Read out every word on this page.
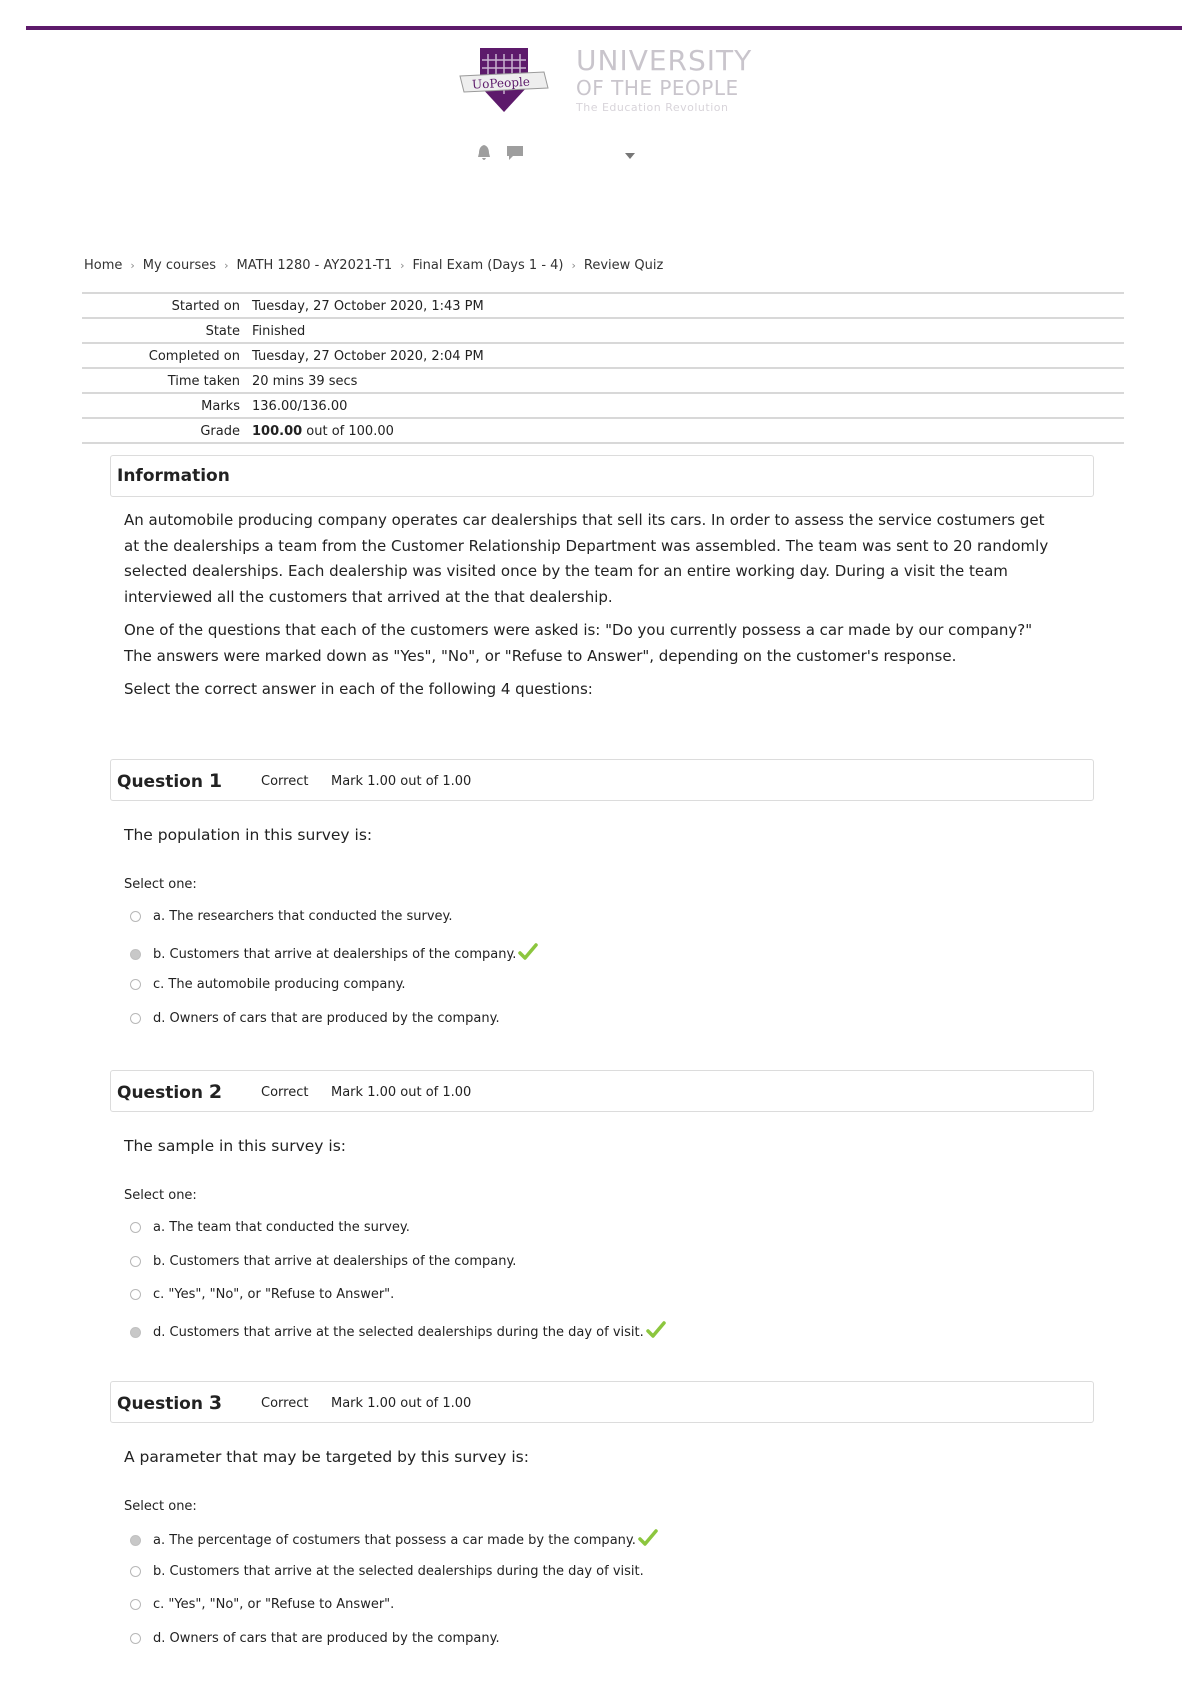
UoPeople
UNIVERSITY
OF THE PEOPLE
The Education Revolution
Home › My courses › MATH 1280 - AY2021-T1 › Final Exam (Days 1 - 4) › Review Quiz
Started on	Tuesday, 27 October 2020, 1:43 PM
State	Finished
Completed on	Tuesday, 27 October 2020, 2:04 PM
Time taken	20 mins 39 secs
Marks	136.00/136.00
Grade	100.00 out of 100.00
Information

An automobile producing company operates car dealerships that sell its cars. In order to assess the service costumers get at the dealerships a team from the Customer Relationship Department was assembled. The team was sent to 20 randomly selected dealerships. Each dealership was visited once by the team for an entire working day. During a visit the team interviewed all the customers that arrived at the that dealership.

One of the questions that each of the customers were asked is: "Do you currently possess a car made by our company?" The answers were marked down as "Yes", "No", or "Refuse to Answer", depending on the customer's response.

Select the correct answer in each of the following 4 questions:

Question 1	Correct Mark 1.00 out of 1.00
The population in this survey is:
Select one:
a. The researchers that conducted the survey.
b. Customers that arrive at dealerships of the company.
c. The automobile producing company.
d. Owners of cars that are produced by the company.
Question 2	Correct Mark 1.00 out of 1.00
The sample in this survey is:
Select one:
a. The team that conducted the survey.
b. Customers that arrive at dealerships of the company.
c. "Yes", "No", or "Refuse to Answer".
d. Customers that arrive at the selected dealerships during the day of visit.
Question 3	Correct Mark 1.00 out of 1.00
A parameter that may be targeted by this survey is:
Select one:
a. The percentage of costumers that possess a car made by the company.
b. Customers that arrive at the selected dealerships during the day of visit.
c. "Yes", "No", or "Refuse to Answer".
d. Owners of cars that are produced by the company.
